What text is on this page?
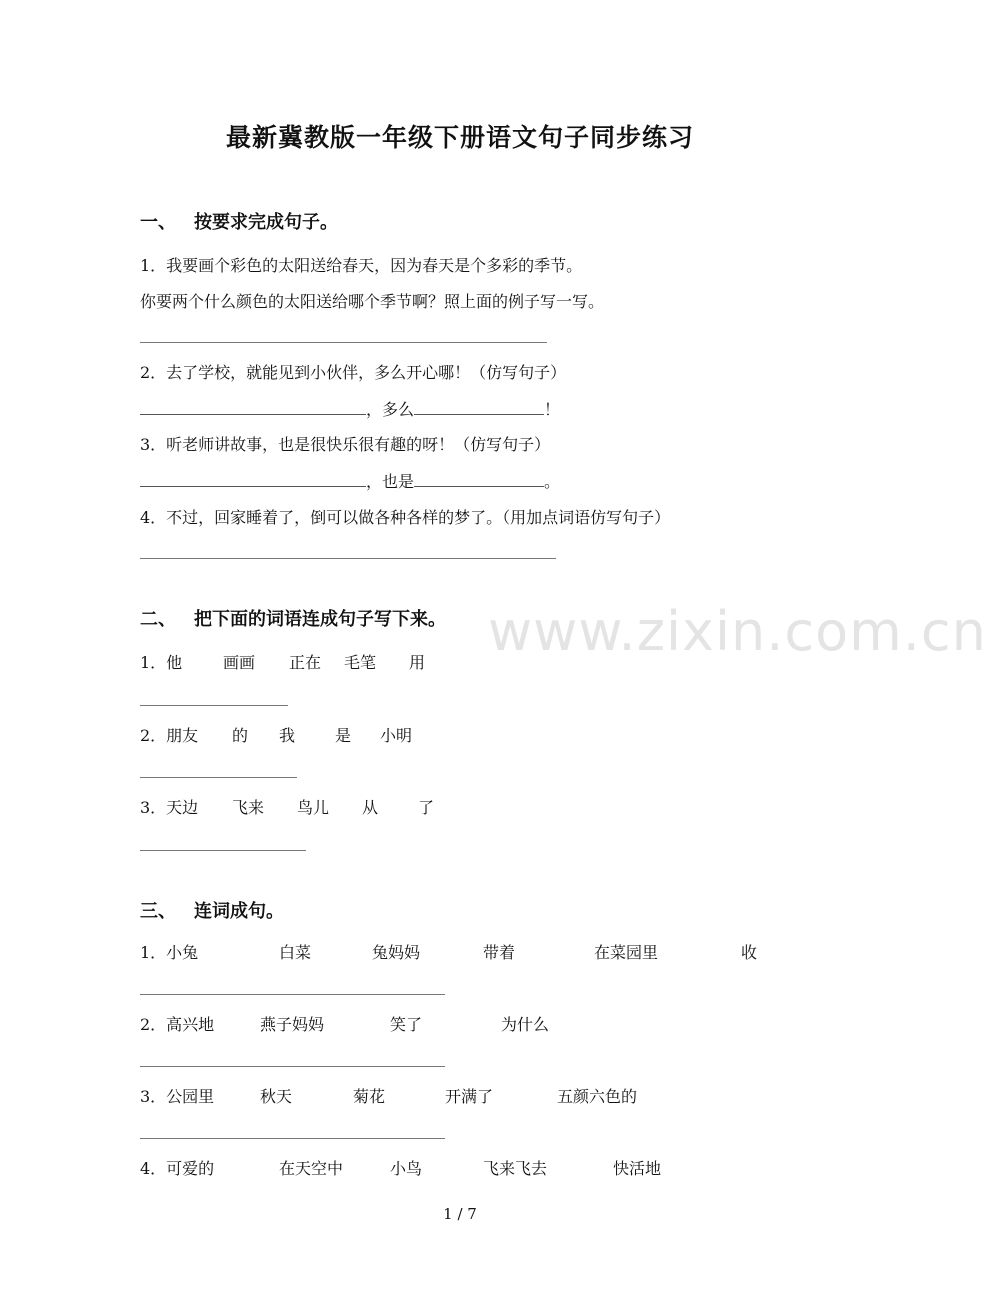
www.zixin.com.cn
最新冀教版一年级下册语文句子同步练习
一、 按要求完成句子。
1．我要画个彩色的太阳送给春天，因为春天是个多彩的季节。
你要两个什么颜色的太阳送给哪个季节啊？照上面的例子写一写。
2．去了学校，就能见到小伙伴，多么开心哪！（仿写句子）
，多么	！
3．听老师讲故事，也是很快乐很有趣的呀！（仿写句子）
，也是	。
4．不过，回家睡着了，倒可以做各种各样的梦了。（用加点词语仿写句子）
二、 把下面的词语连成句子写下来。
1．他	画画 正在 毛笔 用
2．朋友 的 我 是 小明
3．天边 飞来 鸟儿 从 了
三、 连词成句。
1．小兔	白菜	兔妈妈	带着	在菜园里	收
2．高兴地	燕子妈妈	笑了	为什么
3．公园里	秋天	菊花	开满了	五颜六色的
4．可爱的	在天空中	小鸟	飞来飞去	快活地
1 / 7
